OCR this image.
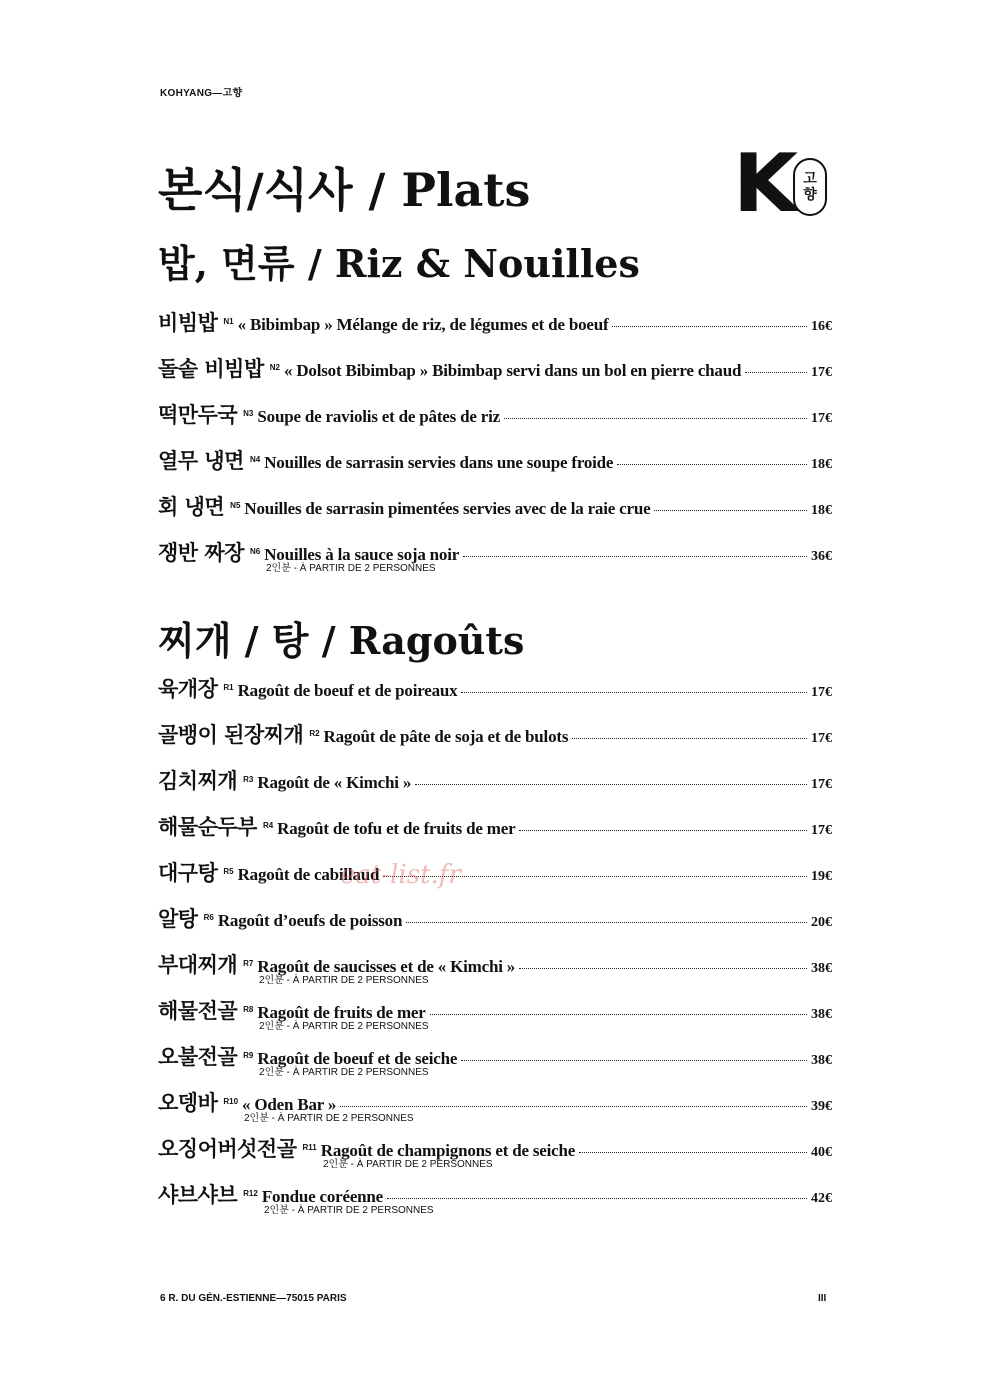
KOHYANG—고향
본식/식사 / Plats	K 고
향
밥, 면류 / Riz & Nouilles
비빔밥 N1 « Bibimbap » Mélange de riz, de légumes et de boeuf	16€
돌솥 비빔밥 N2 « Dolsot Bibimbap » Bibimbap servi dans un bol en pierre chaud	17€
떡만두국 N3 Soupe de raviolis et de pâtes de riz	17€
열무 냉면 N4 Nouilles de sarrasin servies dans une soupe froide	18€
회 냉면 N5 Nouilles de sarrasin pimentées servies avec de la raie crue	18€
쟁반 짜장 N6 Nouilles à la sauce soja noir	36€
2인분 - À PARTIR DE 2 PERSONNES
찌개 / 탕 / Ragoûts
육개장 R1 Ragoût de boeuf et de poireaux	17€
골뱅이 된장찌개 R2 Ragoût de pâte de soja et de bulots	17€
김치찌개 R3 Ragoût de « Kimchi »	17€
해물순두부 R4 Ragoût de tofu et de fruits de mer	17€
대구탕 R5 Ragoût de cabillaud	19€
알탕 R6 Ragoût d’oeufs de poisson	20€
부대찌개 R7 Ragoût de saucisses et de « Kimchi »	38€
2인분 - À PARTIR DE 2 PERSONNES
해물전골 R8 Ragoût de fruits de mer	38€
2인분 - À PARTIR DE 2 PERSONNES
오불전골 R9 Ragoût de boeuf et de seiche	38€
2인분 - À PARTIR DE 2 PERSONNES
오뎅바 R10 « Oden Bar »	39€
2인분 - À PARTIR DE 2 PERSONNES
오징어버섯전골 R11 Ragoût de champignons et de seiche	40€
2인분 - À PARTIR DE 2 PERSONNES
샤브샤브 R12 Fondue coréenne	42€
2인분 - À PARTIR DE 2 PERSONNES
eat-list.fr
6 R. DU GÉN.-ESTIENNE—75015 PARIS	III
